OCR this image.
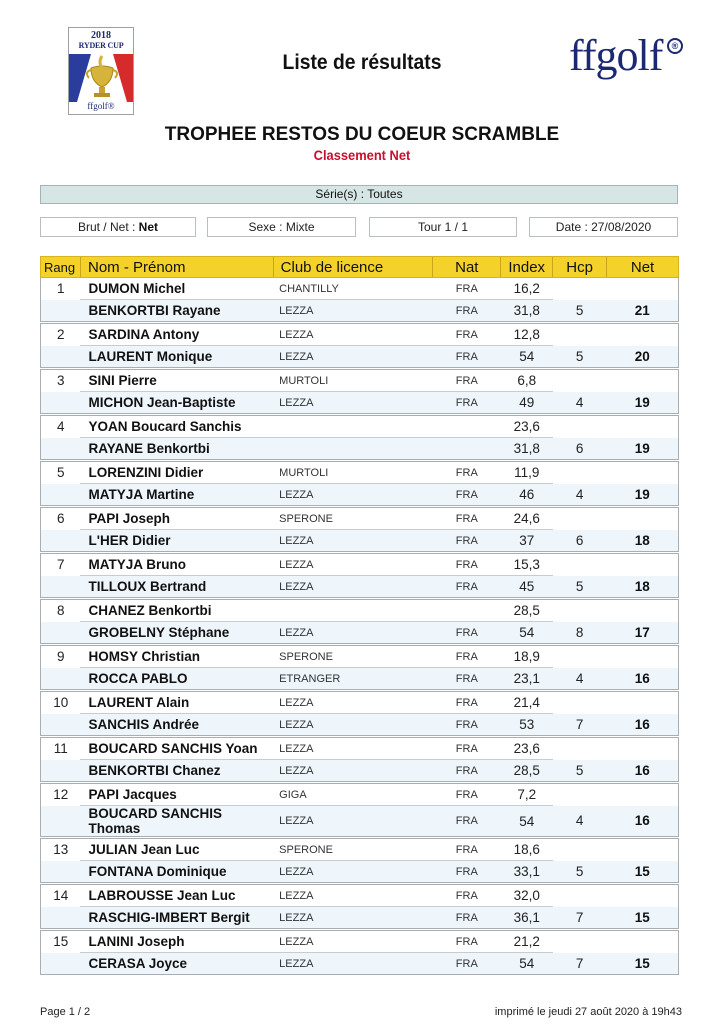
2018
RYDER CUP
ffgolf®
ffgolf	®
Liste de résultats
TROPHEE RESTOS DU COEUR SCRAMBLE
Classement Net
Série(s) : Toutes
Brut / Net : Net	Sexe : Mixte	Tour 1 / 1	Date : 27/08/2020
Rang	Nom - Prénom	Club de licence	Nat	Index	Hcp	Net
1	DUMON Michel	CHANTILLY	FRA	16,2		
	BENKORTBI Rayane	LEZZA	FRA	31,8	5	21

2	SARDINA Antony	LEZZA	FRA	12,8		
	LAURENT Monique	LEZZA	FRA	54	5	20

3	SINI Pierre	MURTOLI	FRA	6,8		
	MICHON Jean-Baptiste	LEZZA	FRA	49	4	19

4	YOAN Boucard Sanchis			23,6		
	RAYANE Benkortbi			31,8	6	19

5	LORENZINI Didier	MURTOLI	FRA	11,9		
	MATYJA Martine	LEZZA	FRA	46	4	19

6	PAPI Joseph	SPERONE	FRA	24,6		
	L'HER Didier	LEZZA	FRA	37	6	18

7	MATYJA Bruno	LEZZA	FRA	15,3		
	TILLOUX Bertrand	LEZZA	FRA	45	5	18

8	CHANEZ Benkortbi			28,5		
	GROBELNY Stéphane	LEZZA	FRA	54	8	17

9	HOMSY Christian	SPERONE	FRA	18,9		
	ROCCA PABLO	ETRANGER	FRA	23,1	4	16

10	LAURENT Alain	LEZZA	FRA	21,4		
	SANCHIS Andrée	LEZZA	FRA	53	7	16

11	BOUCARD SANCHIS Yoan	LEZZA	FRA	23,6		
	BENKORTBI Chanez	LEZZA	FRA	28,5	5	16

12	PAPI Jacques	GIGA	FRA	7,2		
	BOUCARD SANCHIS Thomas	LEZZA	FRA	54	4	16

13	JULIAN Jean Luc	SPERONE	FRA	18,6		
	FONTANA Dominique	LEZZA	FRA	33,1	5	15

14	LABROUSSE Jean Luc	LEZZA	FRA	32,0		
	RASCHIG-IMBERT Bergit	LEZZA	FRA	36,1	7	15

15	LANINI Joseph	LEZZA	FRA	21,2		
	CERASA Joyce	LEZZA	FRA	54	7	15
Page 1 / 2	imprimé le jeudi 27 août 2020 à 19h43
